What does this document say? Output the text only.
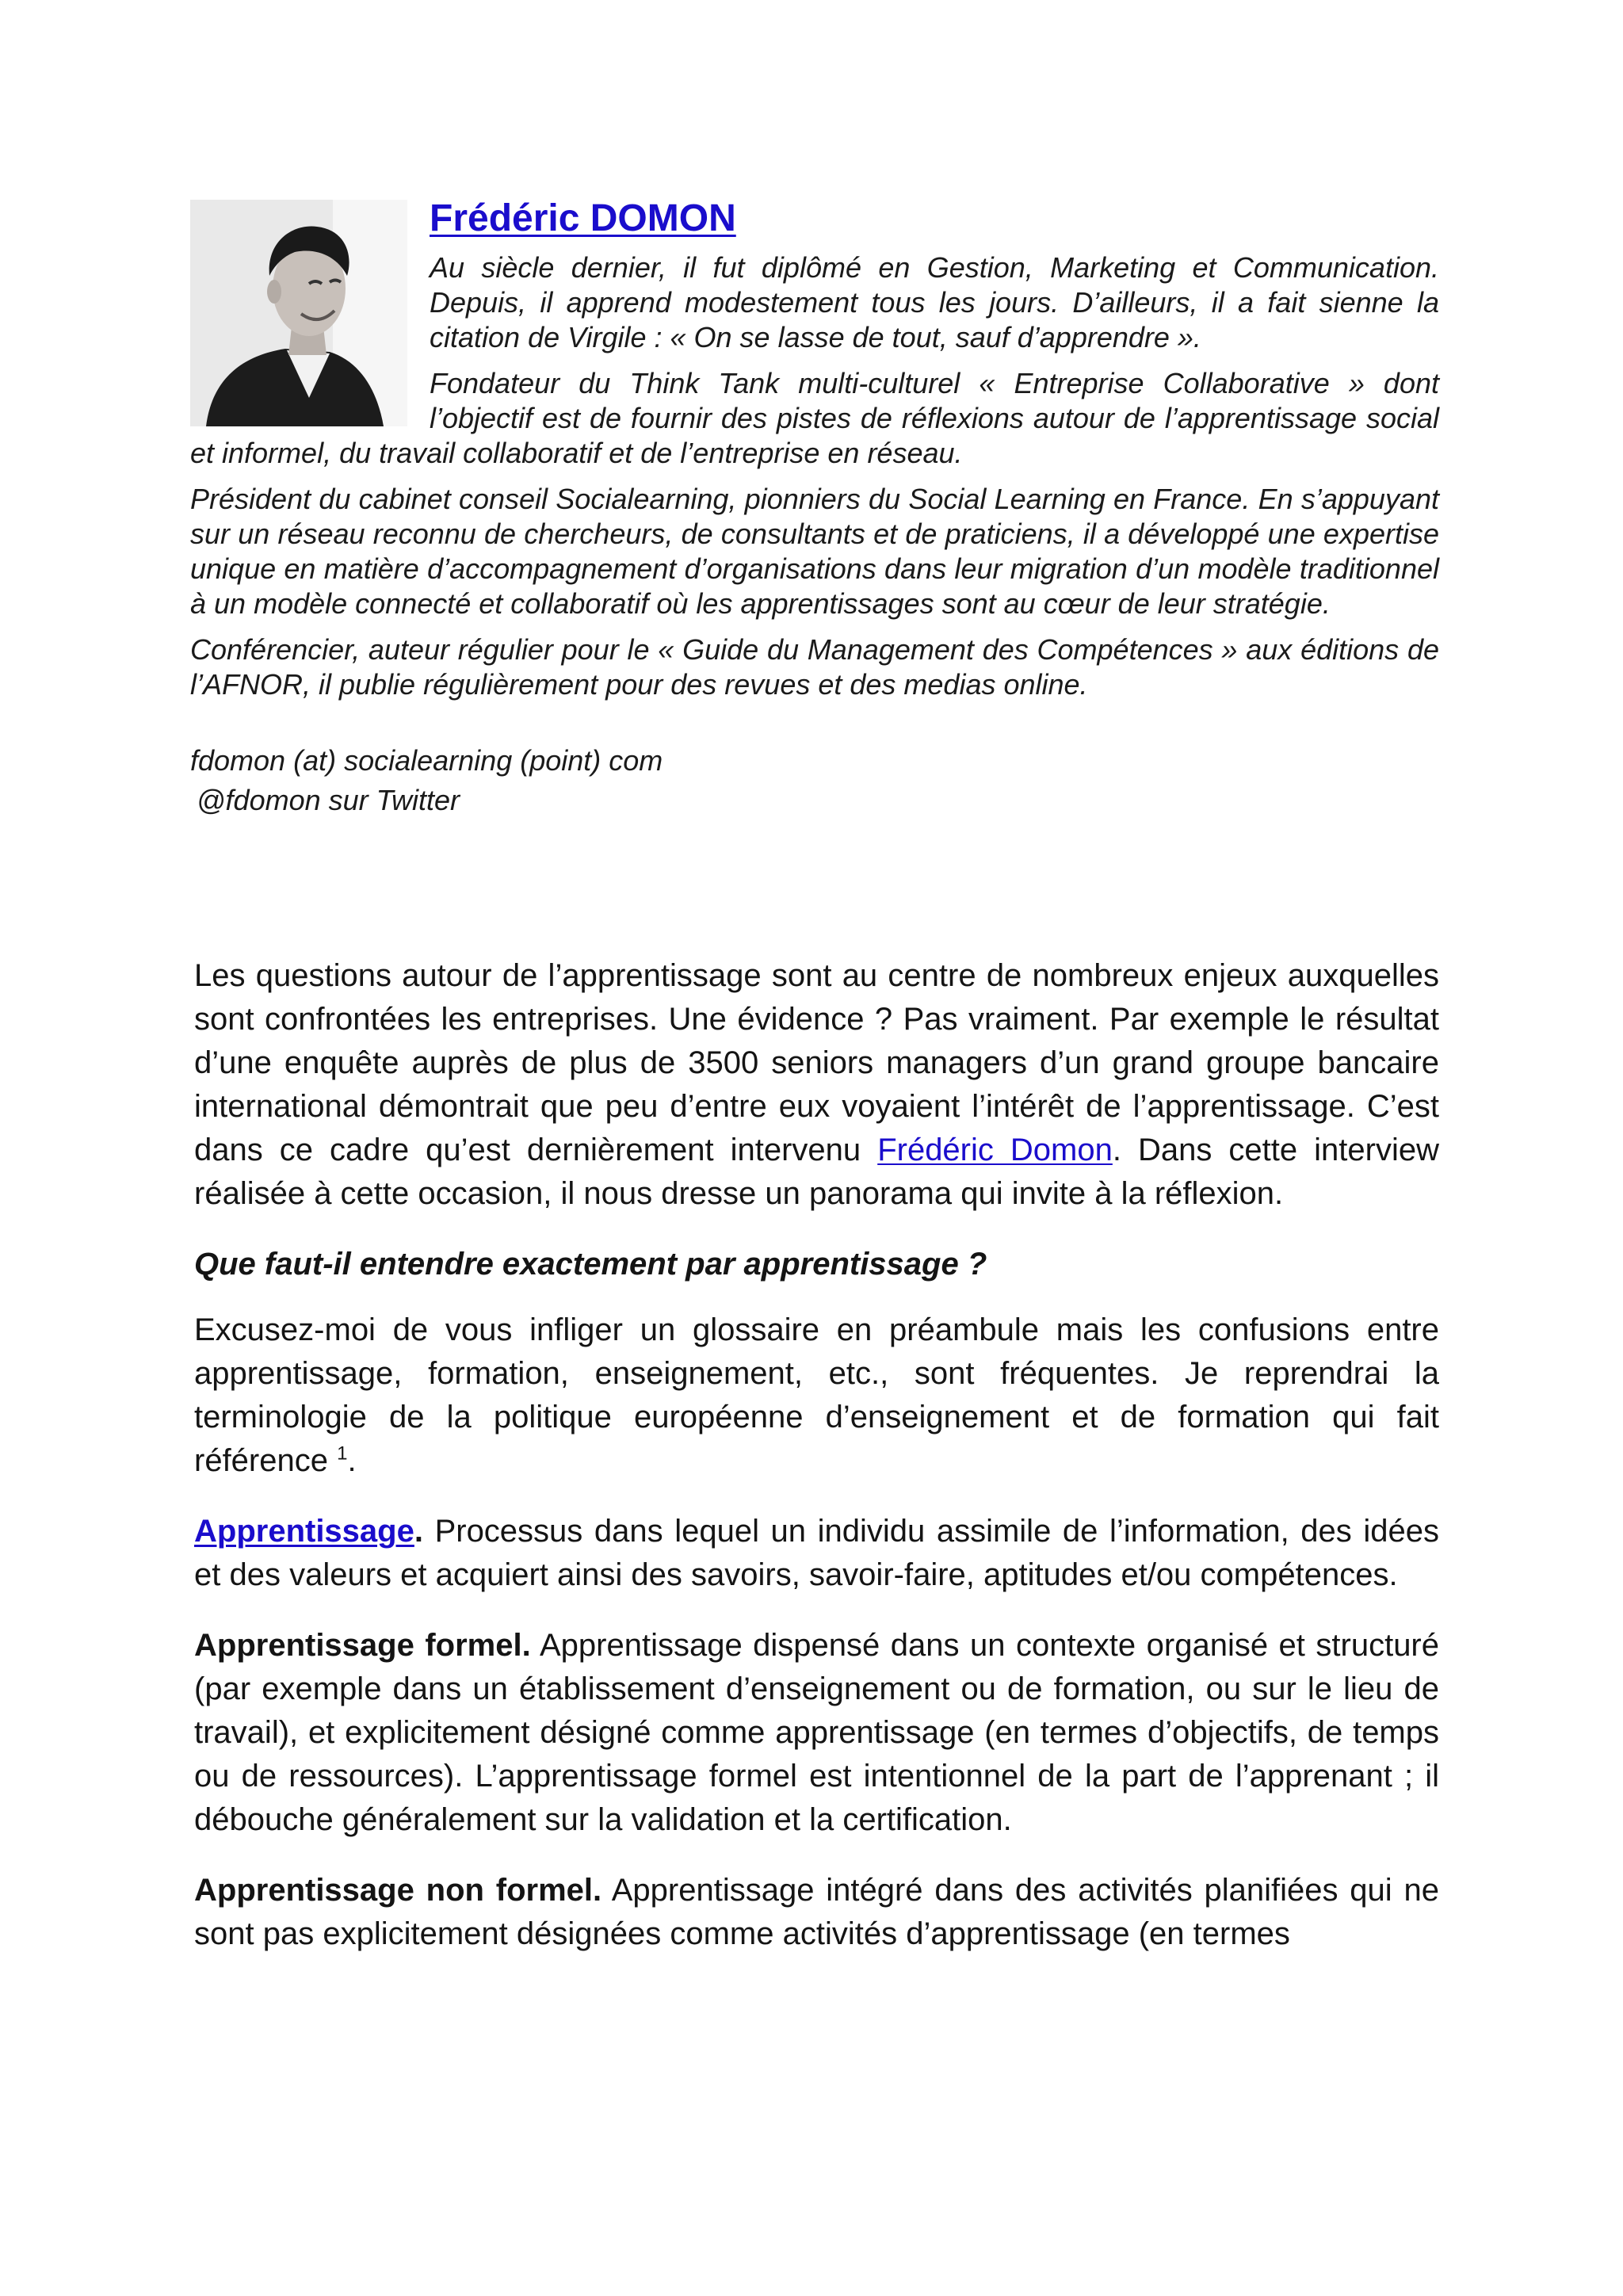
Frédéric DOMON

Au siècle dernier, il fut diplômé en Gestion, Marketing et Communication. Depuis, il apprend modestement tous les jours. D’ailleurs, il a fait sienne la citation de Virgile : « On se lasse de tout, sauf d’apprendre ».

Fondateur du Think Tank multi-culturel « Entreprise Collaborative » dont l’objectif est de fournir des pistes de réflexions autour de l’apprentissage social et informel, du travail collaboratif et de l’entreprise en réseau.

Président du cabinet conseil Socialearning, pionniers du Social Learning en France. En s’appuyant sur un réseau reconnu de chercheurs, de consultants et de praticiens, il a développé une expertise unique en matière d’accompagnement d’organisations dans leur migration d’un modèle traditionnel à un modèle connecté et collaboratif où les apprentissages sont au cœur de leur stratégie.

Conférencier, auteur régulier pour le « Guide du Management des Compétences » aux éditions de l’AFNOR, il publie régulièrement pour des revues et des medias online.

fdomon (at) socialearning (point) com

@fdomon sur Twitter

Les questions autour de l’apprentissage sont au centre de nombreux enjeux auxquelles sont confrontées les entreprises. Une évidence ? Pas vraiment. Par exemple le résultat d’une enquête auprès de plus de 3500 seniors managers d’un grand groupe bancaire international démontrait que peu d’entre eux voyaient l’intérêt de l’apprentissage. C’est dans ce cadre qu’est dernièrement intervenu Frédéric Domon. Dans cette interview réalisée à cette occasion, il nous dresse un panorama qui invite à la réflexion.

Que faut-il entendre exactement par apprentissage ?

Excusez-moi de vous infliger un glossaire en préambule mais les confusions entre apprentissage, formation, enseignement, etc., sont fréquentes. Je reprendrai la terminologie de la politique européenne d’enseignement et de formation qui fait référence $^1$.

Apprentissage. Processus dans lequel un individu assimile de l’information, des idées et des valeurs et acquiert ainsi des savoirs, savoir-faire, aptitudes et/ou compétences.

Apprentissage formel. Apprentissage dispensé dans un contexte organisé et structuré (par exemple dans un établissement d’enseignement ou de formation, ou sur le lieu de travail), et explicitement désigné comme apprentissage (en termes d’objectifs, de temps ou de ressources). L’apprentissage formel est intentionnel de la part de l’apprenant ; il débouche généralement sur la validation et la certification.

Apprentissage non formel. Apprentissage intégré dans des activités planifiées qui ne sont pas explicitement désignées comme activités d’apprentissage (en termes
